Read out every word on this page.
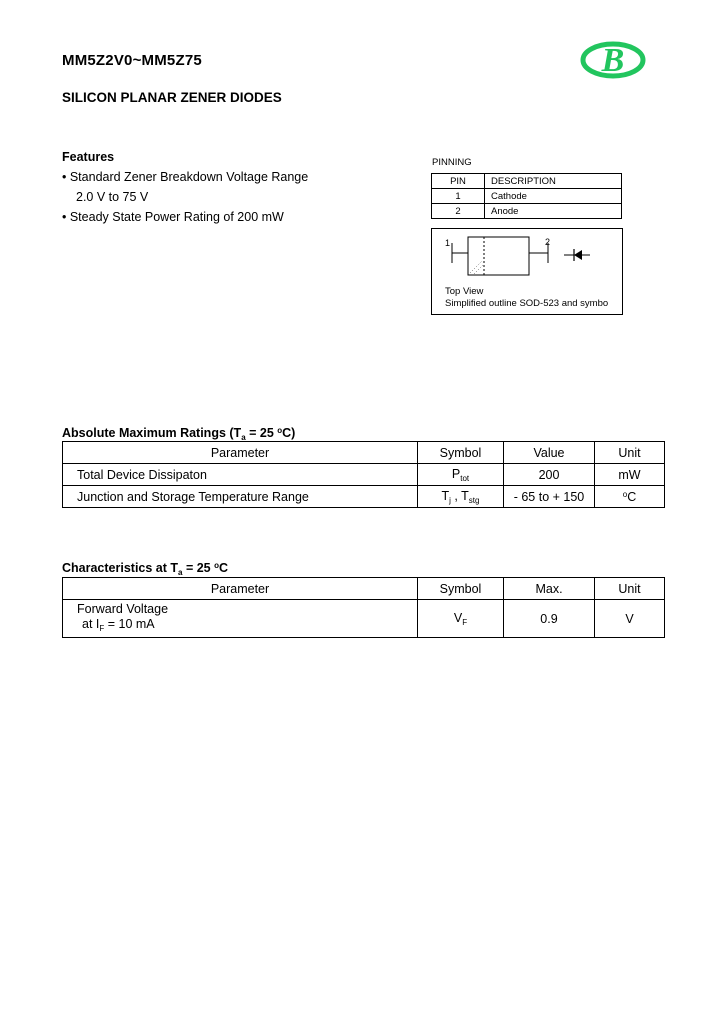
MM5Z2V0~MM5Z75
SILICON PLANAR ZENER DIODES
B
Features
• Standard Zener Breakdown Voltage Range
2.0 V to 75 V
• Steady State Power Rating of 200 mW
PINNING
PIN	DESCRIPTION
1	Cathode
2	Anode
1	2
Top View
Simplified outline SOD-523 and symbo
Absolute Maximum Ratings ($T_a = 25$ $^o$C)
Parameter	Symbol	Value	Unit
Total Device Dissipaton	$P_{tot}$	200	mW
Junction and Storage Temperature Range	$T_j$ , $T_{stg}$	- 65 to + 150	$^o$C
Characteristics at $T_a = 25$ $^o$C
Parameter	Symbol	Max.	Unit

Forward Voltage
at $I_F = 10$ mA	$V_F$	0.9	V
